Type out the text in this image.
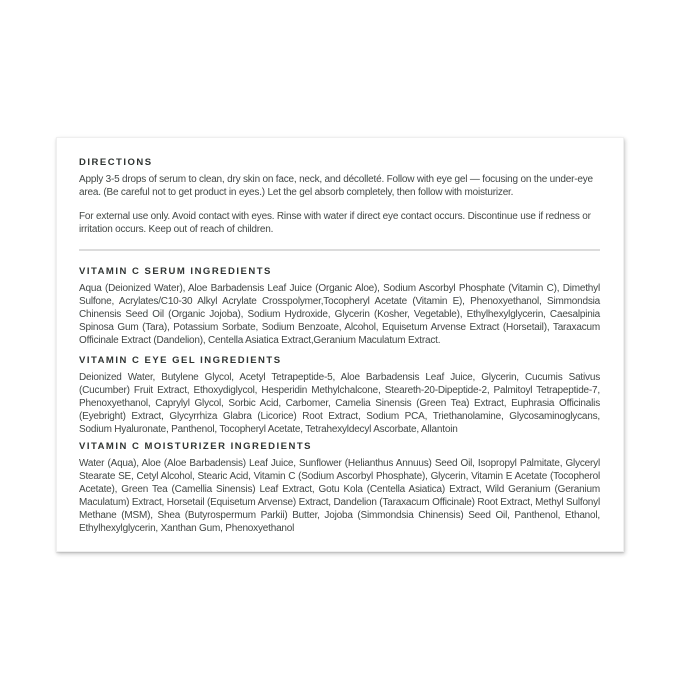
DIRECTIONS

Apply 3-5 drops of serum to clean, dry skin on face, neck, and décolleté. Follow with eye gel — focusing on the under-eye area. (Be careful not to get product in eyes.) Let the gel absorb completely, then follow with moisturizer.

For external use only. Avoid contact with eyes. Rinse with water if direct eye contact occurs. Discontinue use if redness or irritation occurs. Keep out of reach of children.

VITAMIN C SERUM INGREDIENTS

Aqua (Deionized Water), Aloe Barbadensis Leaf Juice (Organic Aloe), Sodium Ascorbyl Phosphate (Vitamin C), Dimethyl Sulfone, Acrylates/C10-30 Alkyl Acrylate Crosspolymer,Tocopheryl Acetate (Vitamin E), Phenoxyethanol, Simmondsia Chinensis Seed Oil (Organic Jojoba), Sodium Hydroxide, Glycerin (Kosher, Vegetable), Ethylhexylglycerin, Caesalpinia Spinosa Gum (Tara), Potassium Sorbate, Sodium Benzoate, Alcohol, Equisetum Arvense Extract (Horsetail), Taraxacum Officinale Extract (Dandelion), Centella Asiatica Extract,Geranium Maculatum Extract.

VITAMIN C EYE GEL INGREDIENTS

Deionized Water, Butylene Glycol, Acetyl Tetrapeptide-5, Aloe Barbadensis Leaf Juice, Glycerin, Cucumis Sativus (Cucumber) Fruit Extract, Ethoxydiglycol, Hesperidin Methylchalcone, Steareth-20-Dipeptide-2, Palmitoyl Tetrapeptide-7, Phenoxyethanol, Caprylyl Glycol, Sorbic Acid, Carbomer, Camelia Sinensis (Green Tea) Extract, Euphrasia Officinalis (Eyebright) Extract, Glycyrrhiza Glabra (Licorice) Root Extract, Sodium PCA, Triethanolamine, Glycosaminoglycans, Sodium Hyaluronate, Panthenol, Tocopheryl Acetate, Tetrahexyldecyl Ascorbate, Allantoin

VITAMIN C MOISTURIZER INGREDIENTS

Water (Aqua), Aloe (Aloe Barbadensis) Leaf Juice, Sunflower (Helianthus Annuus) Seed Oil, Isopropyl Palmitate, Glyceryl Stearate SE, Cetyl Alcohol, Stearic Acid, Vitamin C (Sodium Ascorbyl Phosphate), Glycerin, Vitamin E Acetate (Tocopherol Acetate), Green Tea (Camellia Sinensis) Leaf Extract, Gotu Kola (Centella Asiatica) Extract, Wild Geranium (Geranium Maculatum) Extract, Horsetail (Equisetum Arvense) Extract, Dandelion (Taraxacum Officinale) Root Extract, Methyl Sulfonyl Methane (MSM), Shea (Butyrospermum Parkii) Butter, Jojoba (Simmondsia Chinensis) Seed Oil, Panthenol, Ethanol, Ethylhexylglycerin, Xanthan Gum, Phenoxyethanol
